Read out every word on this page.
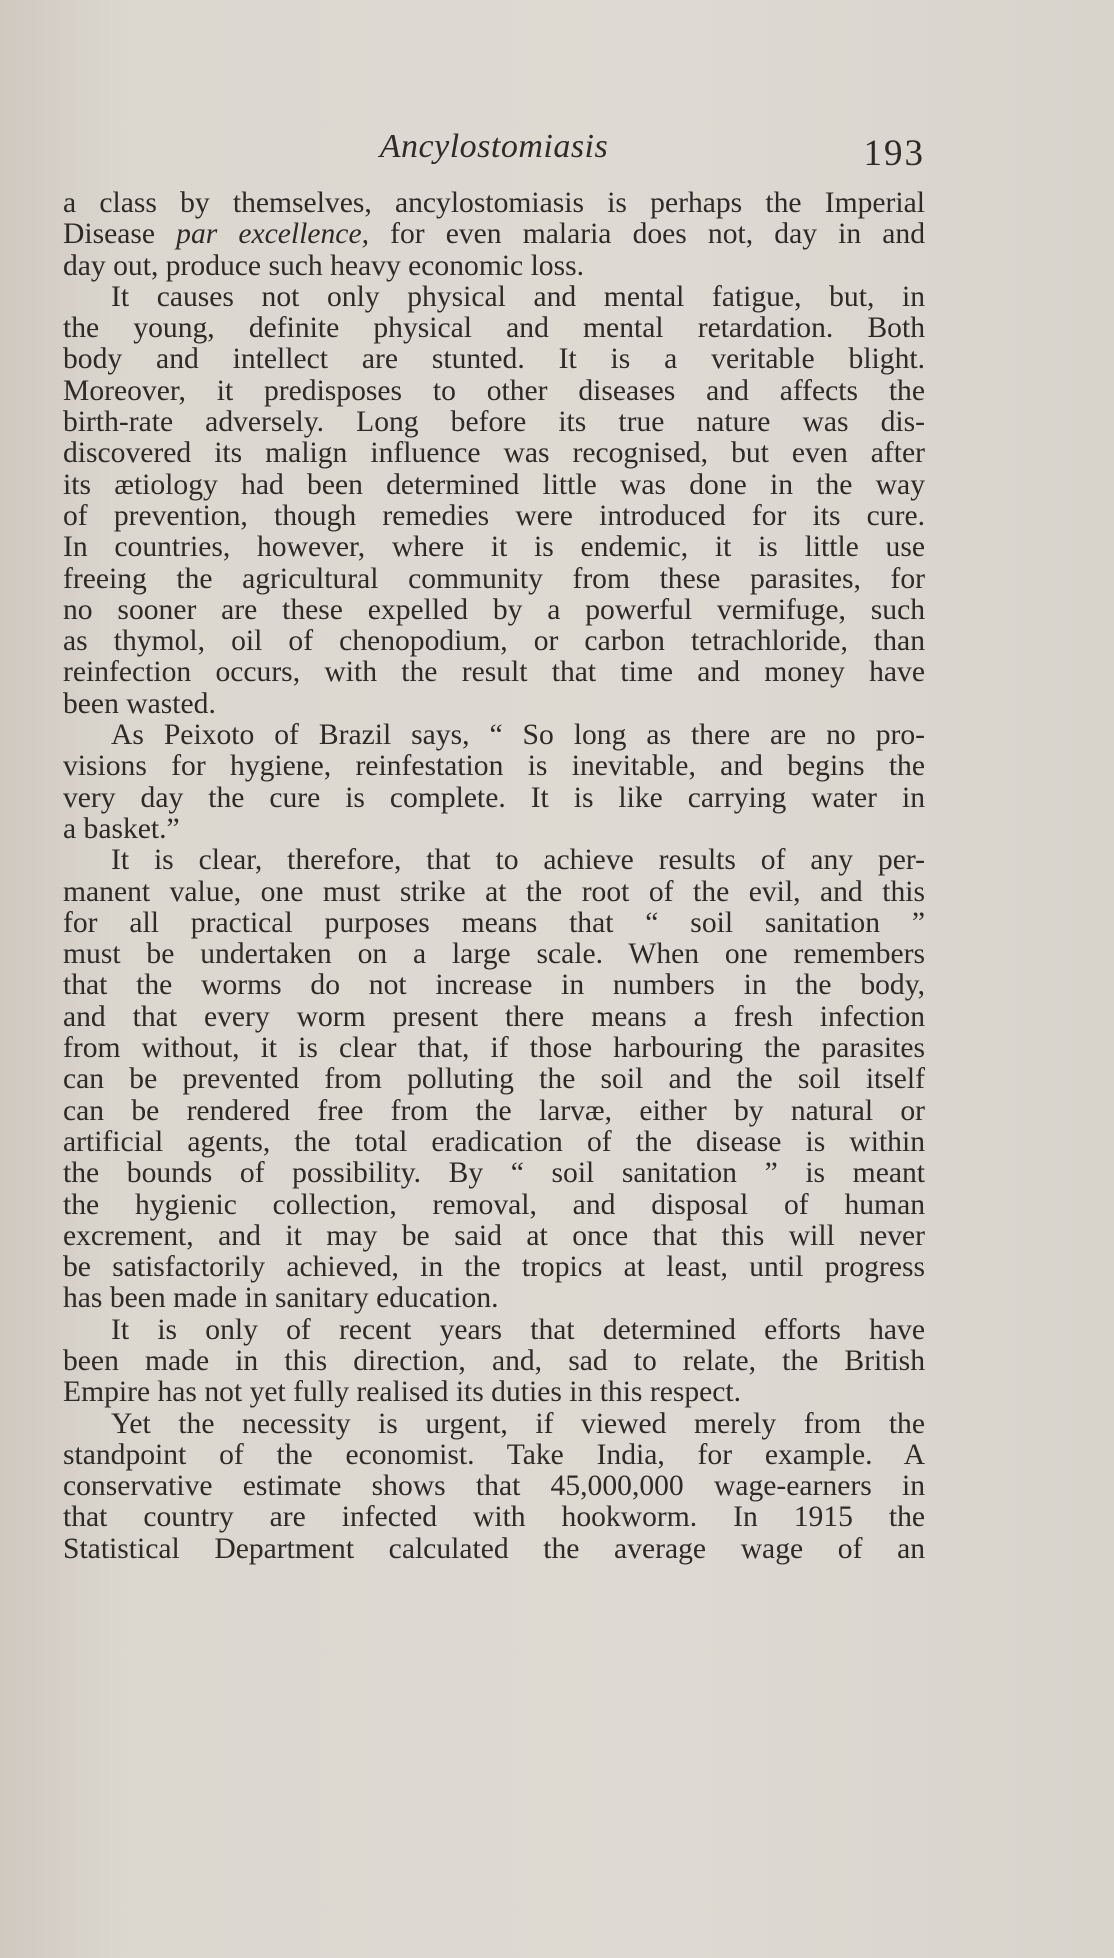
Ancylostomiasis	193
a class by themselves, ancylostomiasis is perhaps the Imperial
Disease par excellence, for even malaria does not, day in and
day out, produce such heavy economic loss.
It causes not only physical and mental fatigue, but, in
the young, definite physical and mental retardation. Both
body and intellect are stunted. It is a veritable blight.
Moreover, it predisposes to other diseases and affects the
birth-rate adversely. Long before its true nature was dis-
discovered its malign influence was recognised, but even after
its ætiology had been determined little was done in the way
of prevention, though remedies were introduced for its cure.
In countries, however, where it is endemic, it is little use
freeing the agricultural community from these parasites, for
no sooner are these expelled by a powerful vermifuge, such
as thymol, oil of chenopodium, or carbon tetrachloride, than
reinfection occurs, with the result that time and money have
been wasted.
As Peixoto of Brazil says, “ So long as there are no pro-
visions for hygiene, reinfestation is inevitable, and begins the
very day the cure is complete. It is like carrying water in
a basket.”
It is clear, therefore, that to achieve results of any per-
manent value, one must strike at the root of the evil, and this
for all practical purposes means that “ soil sanitation ”
must be undertaken on a large scale. When one remembers
that the worms do not increase in numbers in the body,
and that every worm present there means a fresh infection
from without, it is clear that, if those harbouring the parasites
can be prevented from polluting the soil and the soil itself
can be rendered free from the larvæ, either by natural or
artificial agents, the total eradication of the disease is within
the bounds of possibility. By “ soil sanitation ” is meant
the hygienic collection, removal, and disposal of human
excrement, and it may be said at once that this will never
be satisfactorily achieved, in the tropics at least, until progress
has been made in sanitary education.
It is only of recent years that determined efforts have
been made in this direction, and, sad to relate, the British
Empire has not yet fully realised its duties in this respect.
Yet the necessity is urgent, if viewed merely from the
standpoint of the economist. Take India, for example. A
conservative estimate shows that 45,000,000 wage-earners in
that country are infected with hookworm. In 1915 the
Statistical Department calculated the average wage of an
